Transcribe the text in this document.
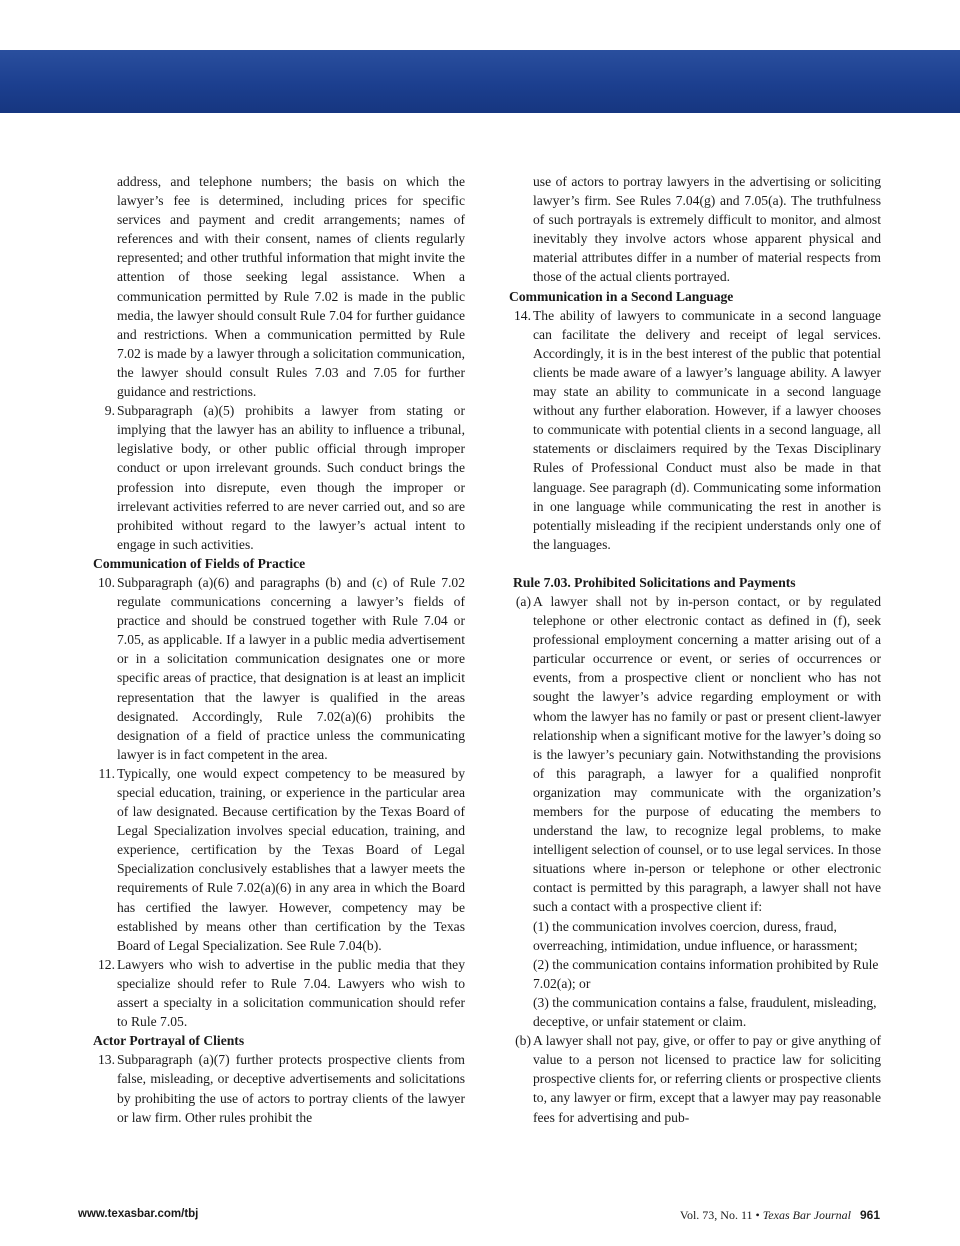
address, and telephone numbers; the basis on which the lawyer’s fee is determined, including prices for specific services and payment and credit arrangements; names of references and with their consent, names of clients regularly represented; and other truthful information that might invite the attention of those seeking legal assistance. When a communication permitted by Rule 7.02 is made in the public media, the lawyer should consult Rule 7.04 for further guidance and restrictions. When a communication permitted by Rule 7.02 is made by a lawyer through a solicitation communication, the lawyer should consult Rules 7.03 and 7.05 for further guidance and restrictions.

9. Subparagraph (a)(5) prohibits a lawyer from stating or implying that the lawyer has an ability to influence a tribunal, legislative body, or other public official through improper conduct or upon irrelevant grounds. Such conduct brings the profession into disrepute, even though the improper or irrelevant activities referred to are never carried out, and so are prohibited without regard to the lawyer’s actual intent to engage in such activities.

Communication of Fields of Practice

10. Subparagraph (a)(6) and paragraphs (b) and (c) of Rule 7.02 regulate communications concerning a lawyer’s fields of practice and should be construed together with Rule 7.04 or 7.05, as applicable. If a lawyer in a public media advertisement or in a solicitation communication designates one or more specific areas of practice, that designation is at least an implicit representation that the lawyer is qualified in the areas designated. Accordingly, Rule 7.02(a)(6) prohibits the designation of a field of practice unless the communicating lawyer is in fact competent in the area.
11. Typically, one would expect competency to be measured by special education, training, or experience in the particular area of law designated. Because certification by the Texas Board of Legal Specialization involves special education, training, and experience, certification by the Texas Board of Legal Specialization conclusively establishes that a lawyer meets the requirements of Rule 7.02(a)(6) in any area in which the Board has certified the lawyer. However, competency may be established by means other than certification by the Texas Board of Legal Specialization. See Rule 7.04(b).
12. Lawyers who wish to advertise in the public media that they specialize should refer to Rule 7.04. Lawyers who wish to assert a specialty in a solicitation communication should refer to Rule 7.05.

Actor Portrayal of Clients

13. Subparagraph (a)(7) further protects prospective clients from false, misleading, or deceptive advertisements and solicitations by prohibiting the use of actors to portray clients of the lawyer or law firm. Other rules prohibit the

use of actors to portray lawyers in the advertising or soliciting lawyer’s firm. See Rules 7.04(g) and 7.05(a). The truthfulness of such portrayals is extremely difficult to monitor, and almost inevitably they involve actors whose apparent physical and material attributes differ in a number of material respects from those of the actual clients portrayed.

Communication in a Second Language

14. The ability of lawyers to communicate in a second language can facilitate the delivery and receipt of legal services. Accordingly, it is in the best interest of the public that potential clients be made aware of a lawyer’s language ability. A lawyer may state an ability to communicate in a second language without any further elaboration. However, if a lawyer chooses to communicate with potential clients in a second language, all statements or disclaimers required by the Texas Disciplinary Rules of Professional Conduct must also be made in that language. See paragraph (d). Communicating some information in one language while communicating the rest in another is potentially misleading if the recipient understands only one of the languages.

Rule 7.03. Prohibited Solicitations and Payments

(a) A lawyer shall not by in-person contact, or by regulated telephone or other electronic contact as defined in (f), seek professional employment concerning a matter arising out of a particular occurrence or event, or series of occurrences or events, from a prospective client or nonclient who has not sought the lawyer’s advice regarding employment or with whom the lawyer has no family or past or present client-lawyer relationship when a significant motive for the lawyer’s doing so is the lawyer’s pecuniary gain. Notwithstanding the provisions of this paragraph, a lawyer for a qualified nonprofit organization may communicate with the organization’s members for the purpose of educating the members to understand the law, to recognize legal problems, to make intelligent selection of counsel, or to use legal services. In those situations where in-person or telephone or other electronic contact is permitted by this paragraph, a lawyer shall not have such a contact with a prospective client if:

(1) the communication involves coercion, duress, fraud, overreaching, intimidation, undue influence, or harassment;

(2) the communication contains information prohibited by Rule 7.02(a); or

(3) the communication contains a false, fraudulent, misleading, deceptive, or unfair statement or claim.

(b) A lawyer shall not pay, give, or offer to pay or give anything of value to a person not licensed to practice law for soliciting prospective clients for, or referring clients or prospective clients to, any lawyer or firm, except that a lawyer may pay reasonable fees for advertising and pub-
www.texasbar.com/tbj	Vol. 73, No. 11 • Texas Bar Journal 961
